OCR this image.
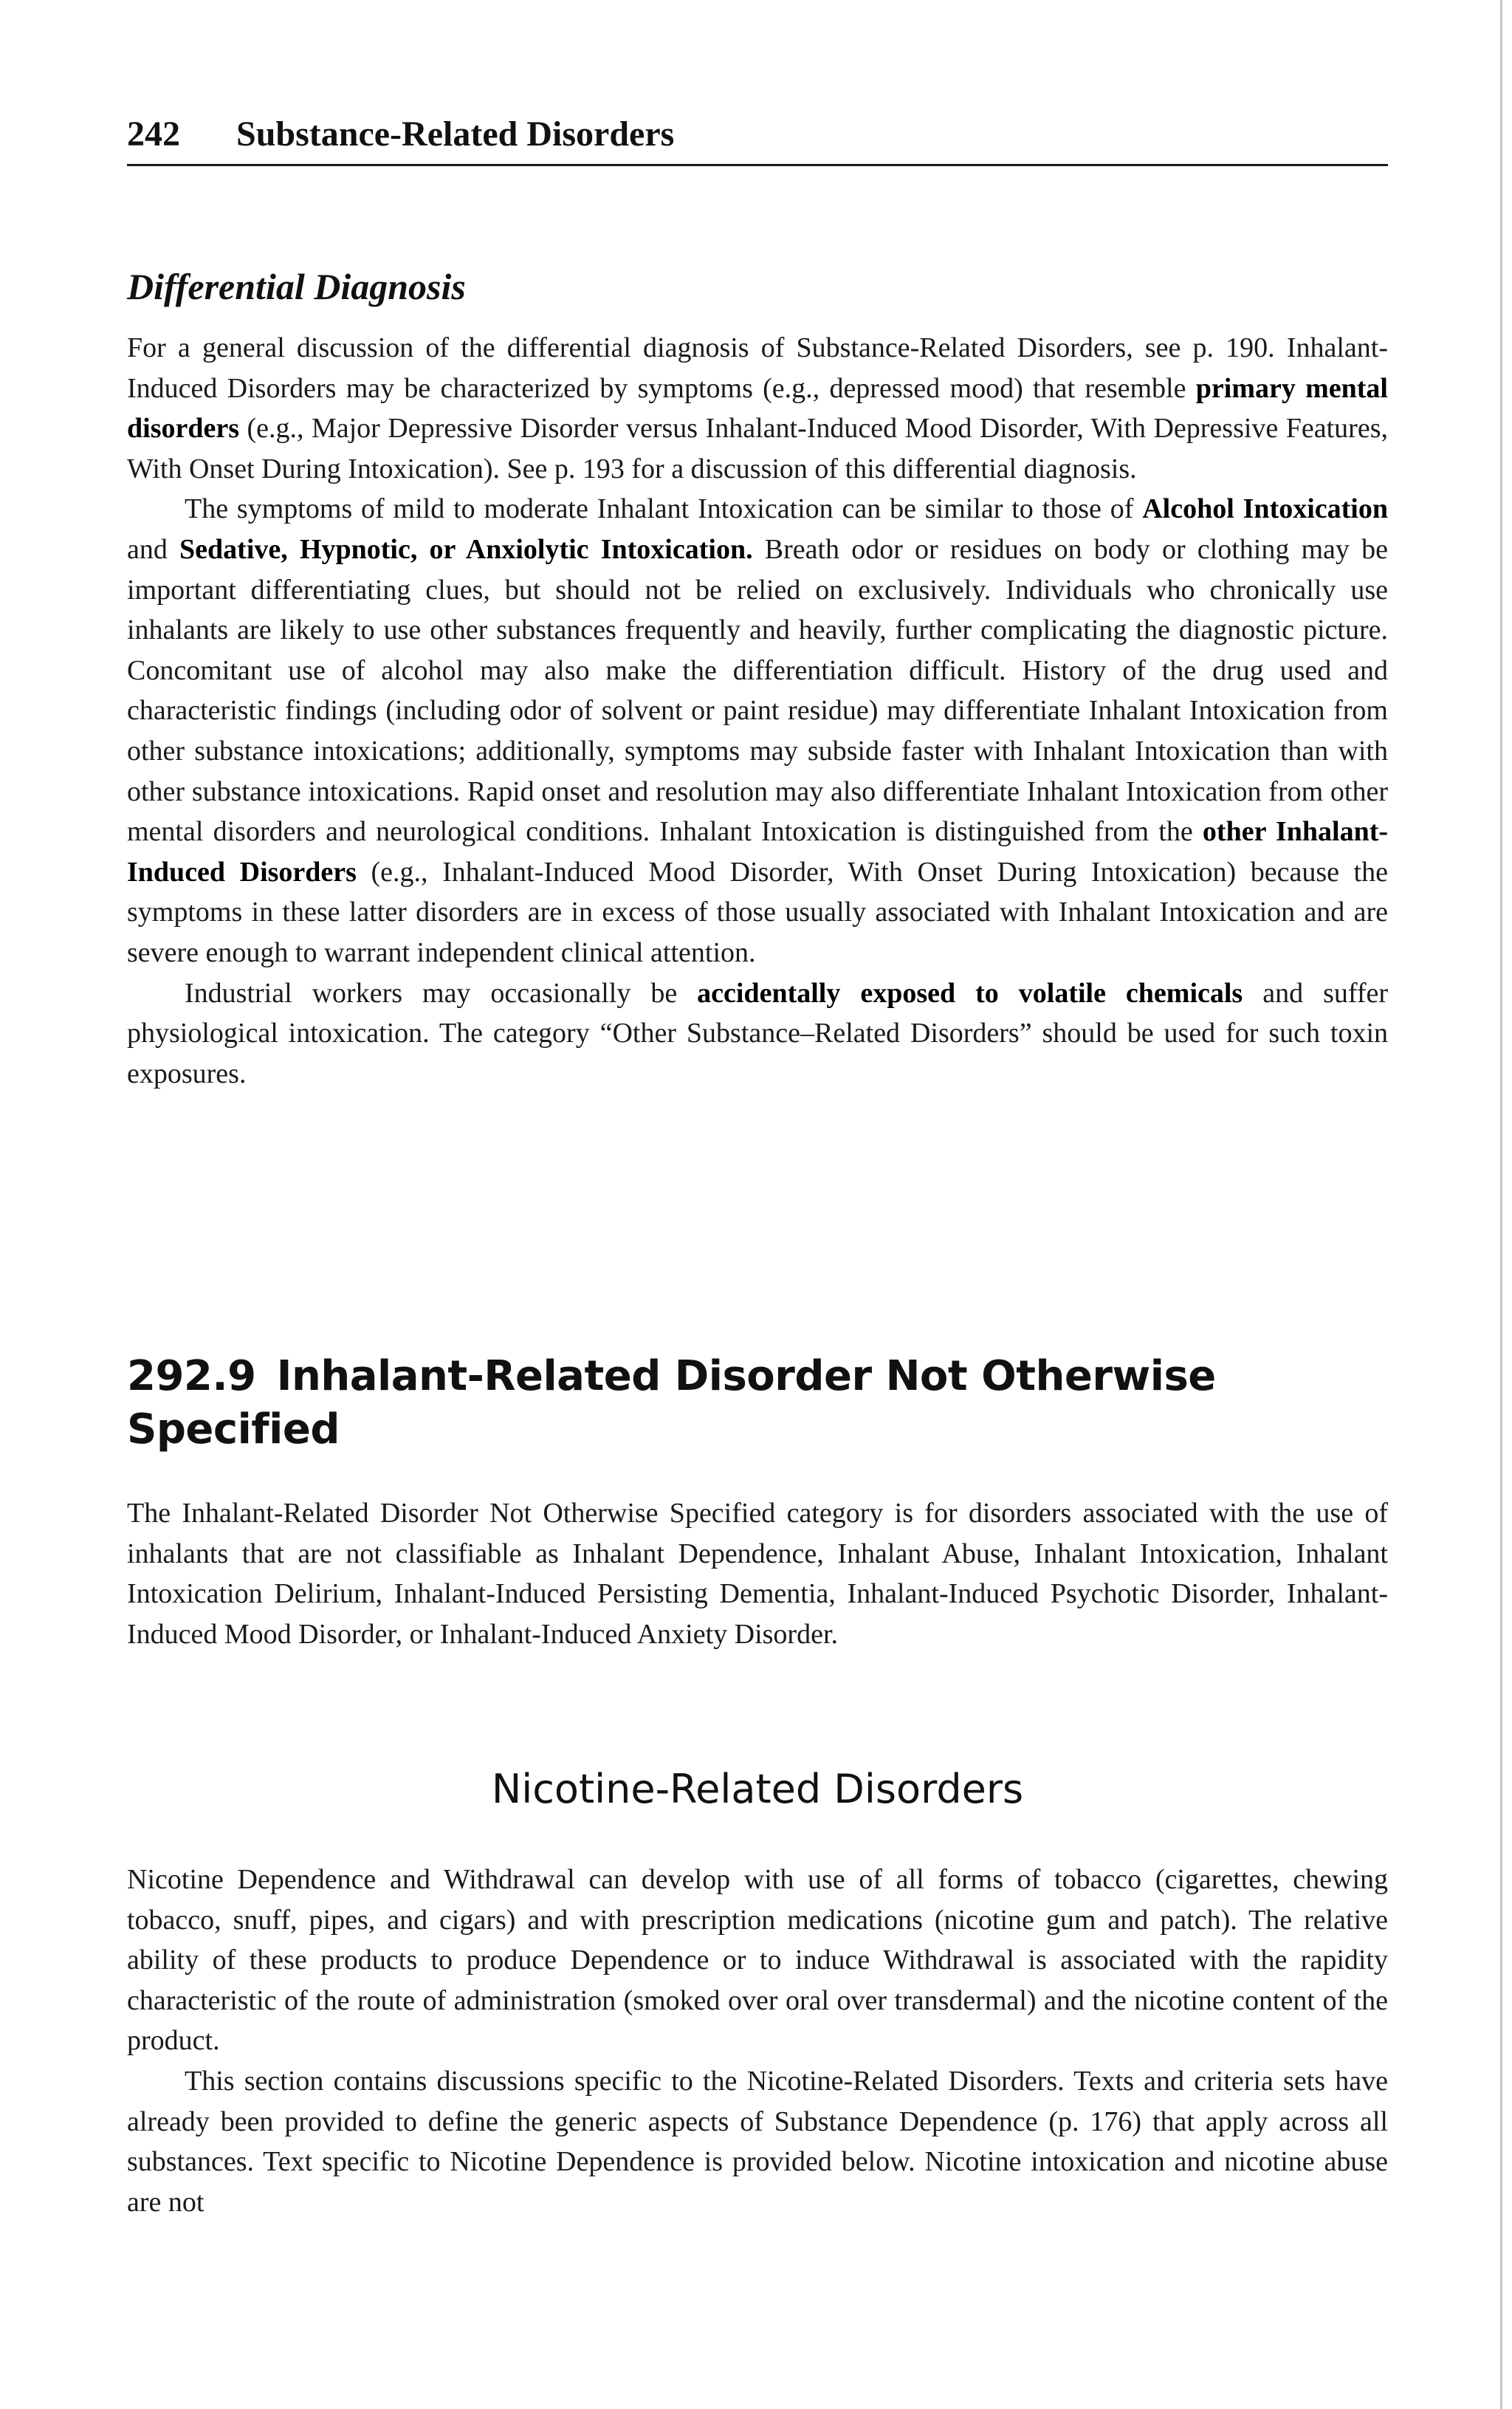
242 Substance-Related Disorders
Differential Diagnosis

For a general discussion of the differential diagnosis of Substance-Related Disorders, see p. 190. Inhalant-Induced Disorders may be characterized by symptoms (e.g., depressed mood) that resemble primary mental disorders (e.g., Major Depressive Disorder versus Inhalant-Induced Mood Disorder, With Depressive Features, With Onset During Intoxication). See p. 193 for a discussion of this differential diagnosis.

The symptoms of mild to moderate Inhalant Intoxication can be similar to those of Alcohol Intoxication and Sedative, Hypnotic, or Anxiolytic Intoxication. Breath odor or residues on body or clothing may be important differentiating clues, but should not be relied on exclusively. Individuals who chronically use inhalants are likely to use other substances frequently and heavily, further complicating the diagnostic picture. Concomitant use of alcohol may also make the differentiation difficult. History of the drug used and characteristic findings (including odor of solvent or paint residue) may differentiate Inhalant Intoxication from other substance intoxications; additionally, symptoms may subside faster with Inhalant Intoxication than with other substance intoxications. Rapid onset and resolution may also differentiate Inhalant Intoxication from other mental disorders and neurological conditions. Inhalant Intoxication is distinguished from the other Inhalant-Induced Disorders (e.g., Inhalant-Induced Mood Disorder, With Onset During Intoxication) because the symptoms in these latter disorders are in excess of those usually associated with Inhalant Intoxication and are severe enough to warrant independent clinical attention.

Industrial workers may occasionally be accidentally exposed to volatile chemicals and suffer physiological intoxication. The category “Other Substance–Related Disorders” should be used for such toxin exposures.

292.9 Inhalant-Related Disorder Not Otherwise Specified

The Inhalant-Related Disorder Not Otherwise Specified category is for disorders associated with the use of inhalants that are not classifiable as Inhalant Dependence, Inhalant Abuse, Inhalant Intoxication, Inhalant Intoxication Delirium, Inhalant-Induced Persisting Dementia, Inhalant-Induced Psychotic Disorder, Inhalant-Induced Mood Disorder, or Inhalant-Induced Anxiety Disorder.

Nicotine-Related Disorders

Nicotine Dependence and Withdrawal can develop with use of all forms of tobacco (cigarettes, chewing tobacco, snuff, pipes, and cigars) and with prescription medications (nicotine gum and patch). The relative ability of these products to produce Dependence or to induce Withdrawal is associated with the rapidity characteristic of the route of administration (smoked over oral over transdermal) and the nicotine content of the product.

This section contains discussions specific to the Nicotine-Related Disorders. Texts and criteria sets have already been provided to define the generic aspects of Substance Dependence (p. 176) that apply across all substances. Text specific to Nicotine Dependence is provided below. Nicotine intoxication and nicotine abuse are not
